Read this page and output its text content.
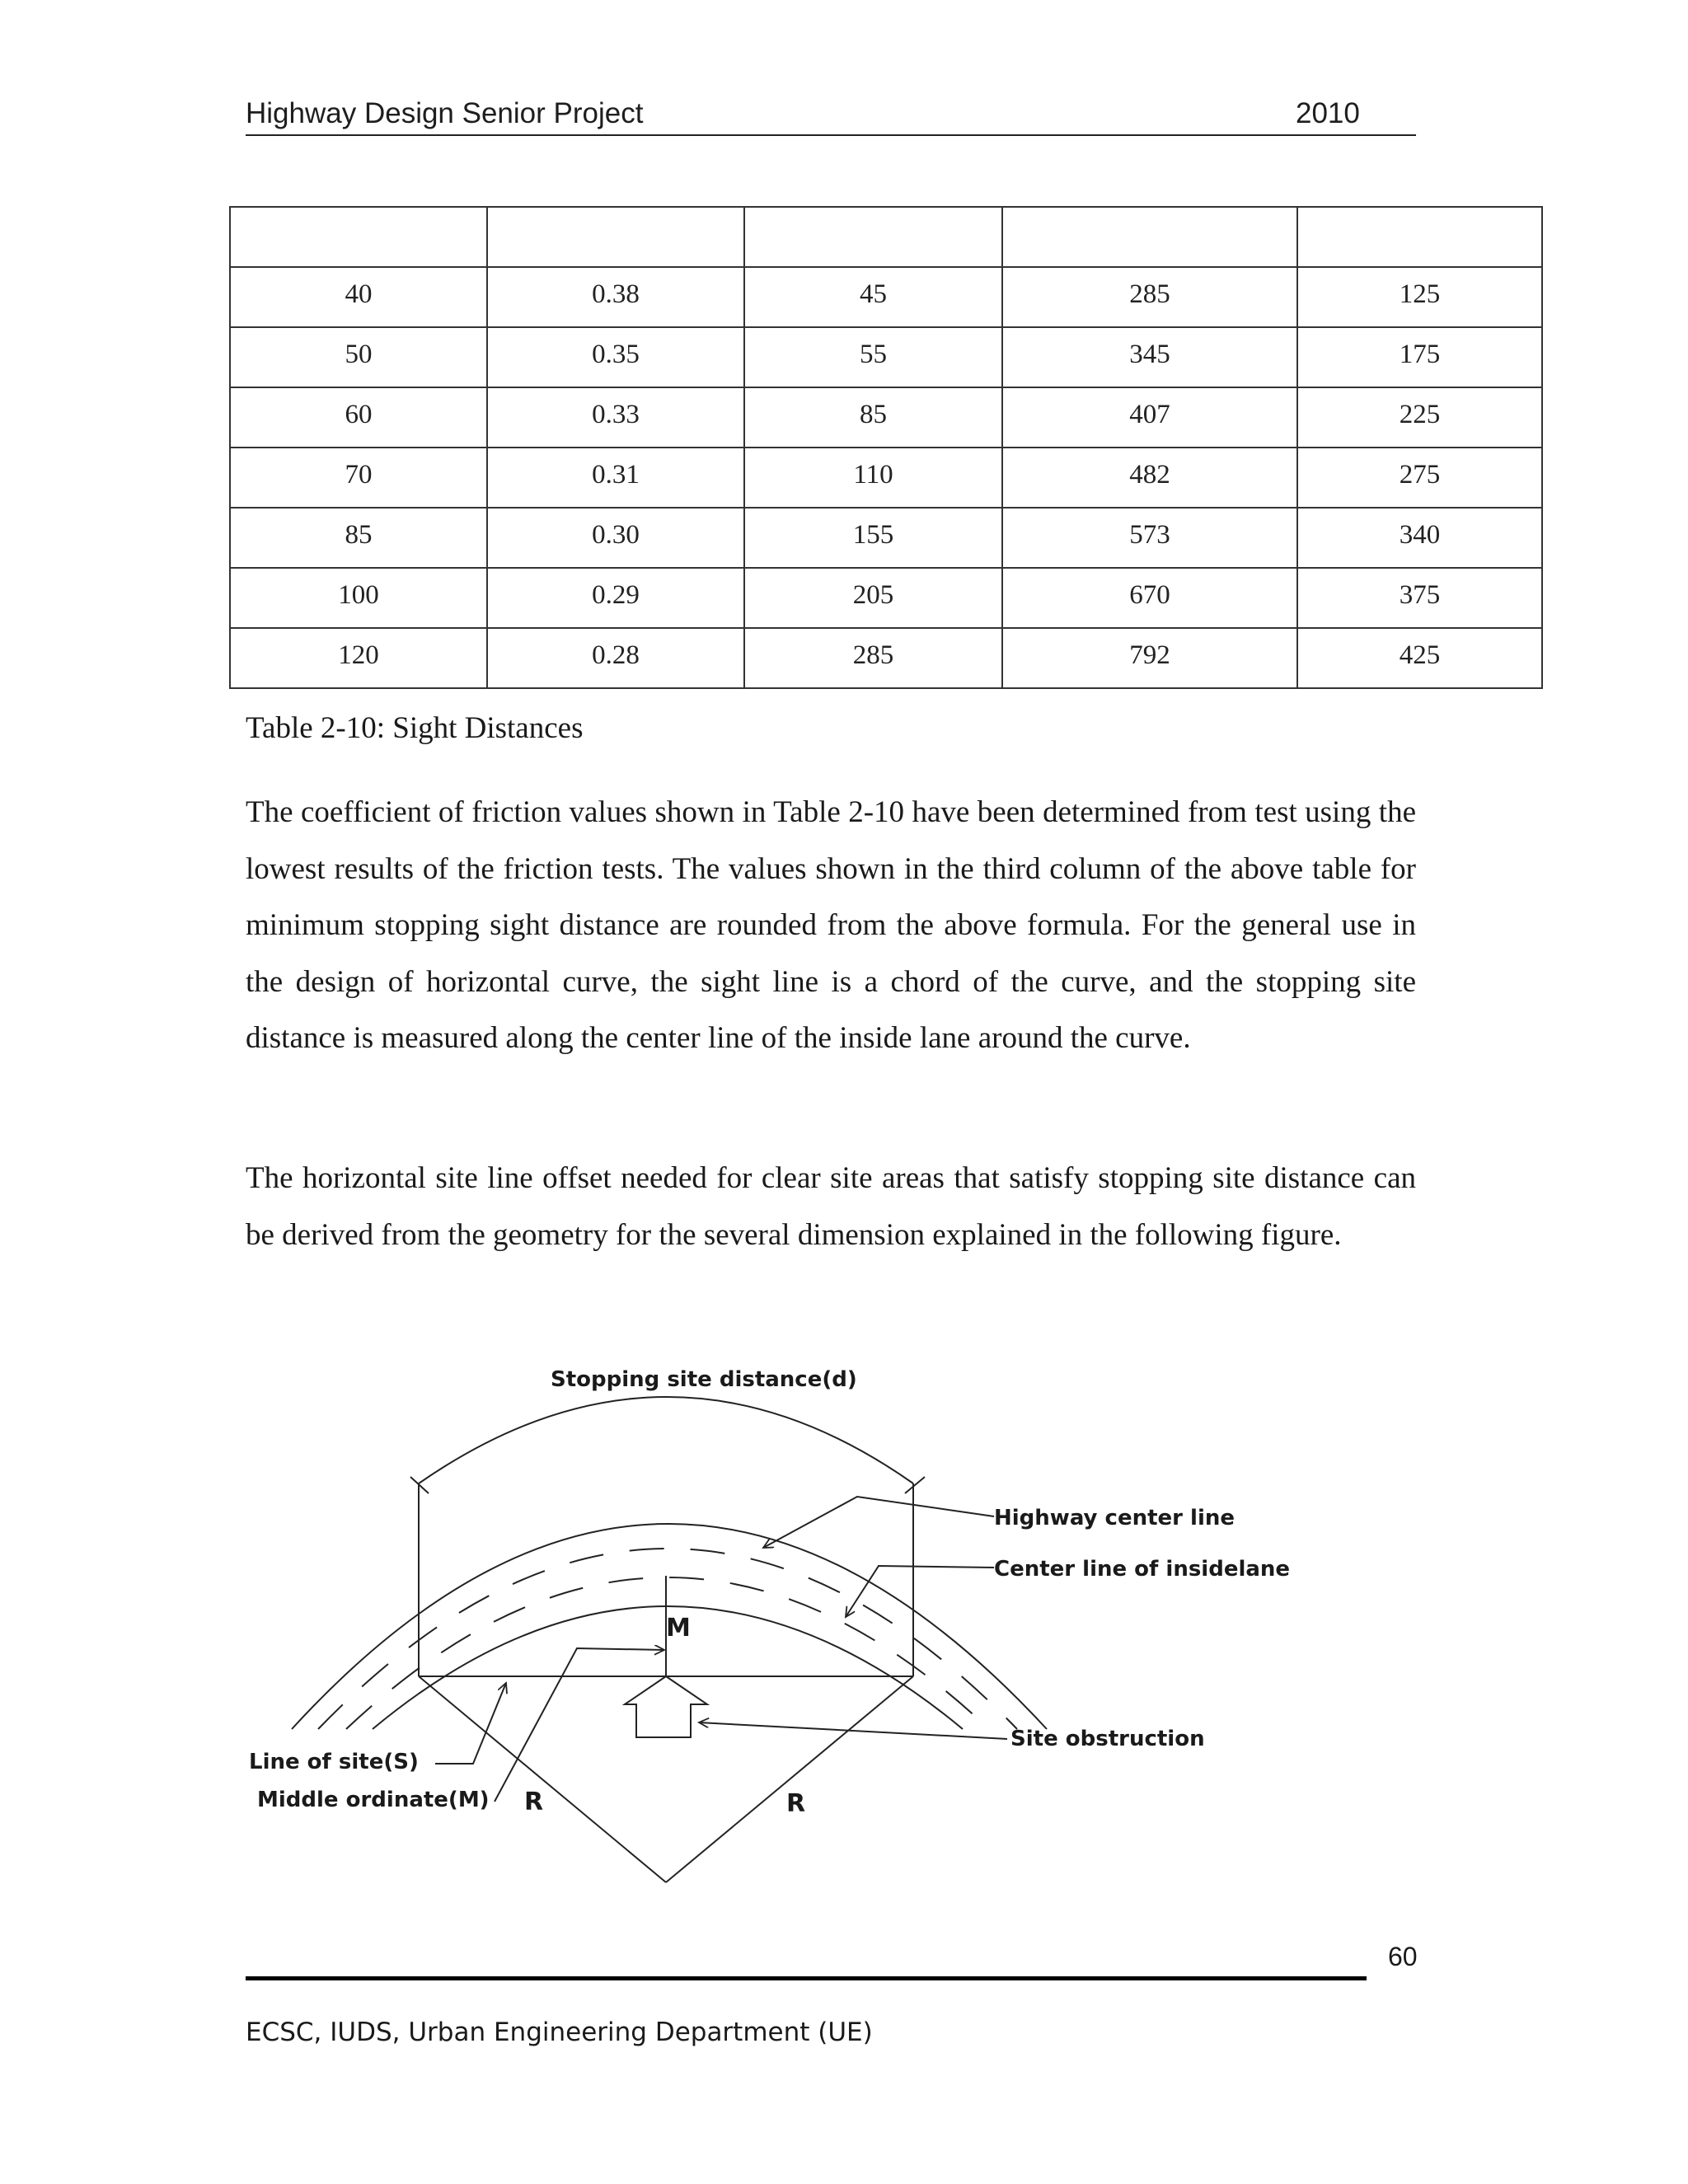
Highway Design Senior Project	2010

40	0.38	45	285	125
50	0.35	55	345	175
60	0.33	85	407	225
70	0.31	110	482	275
85	0.30	155	573	340
100	0.29	205	670	375
120	0.28	285	792	425
Table 2-10: Sight Distances

The coefficient of friction values shown in Table 2-10 have been determined from test using the lowest results of the friction tests. The values shown in the third column of the above table for minimum stopping sight distance are rounded from the above formula. For the general use in the design of horizontal curve, the sight line is a chord of the curve, and the stopping site distance is measured along the center line of the inside lane around the curve.

The horizontal site line offset needed for clear site areas that satisfy stopping site distance can be derived from the geometry for the several dimension explained in the following figure.

Stopping site distance(d)
Highway center line
Center line of insidelane
Site obstruction
Line of site(S)
Middle ordinate(M)
M
R	R
60
ECSC, IUDS, Urban Engineering Department (UE)
